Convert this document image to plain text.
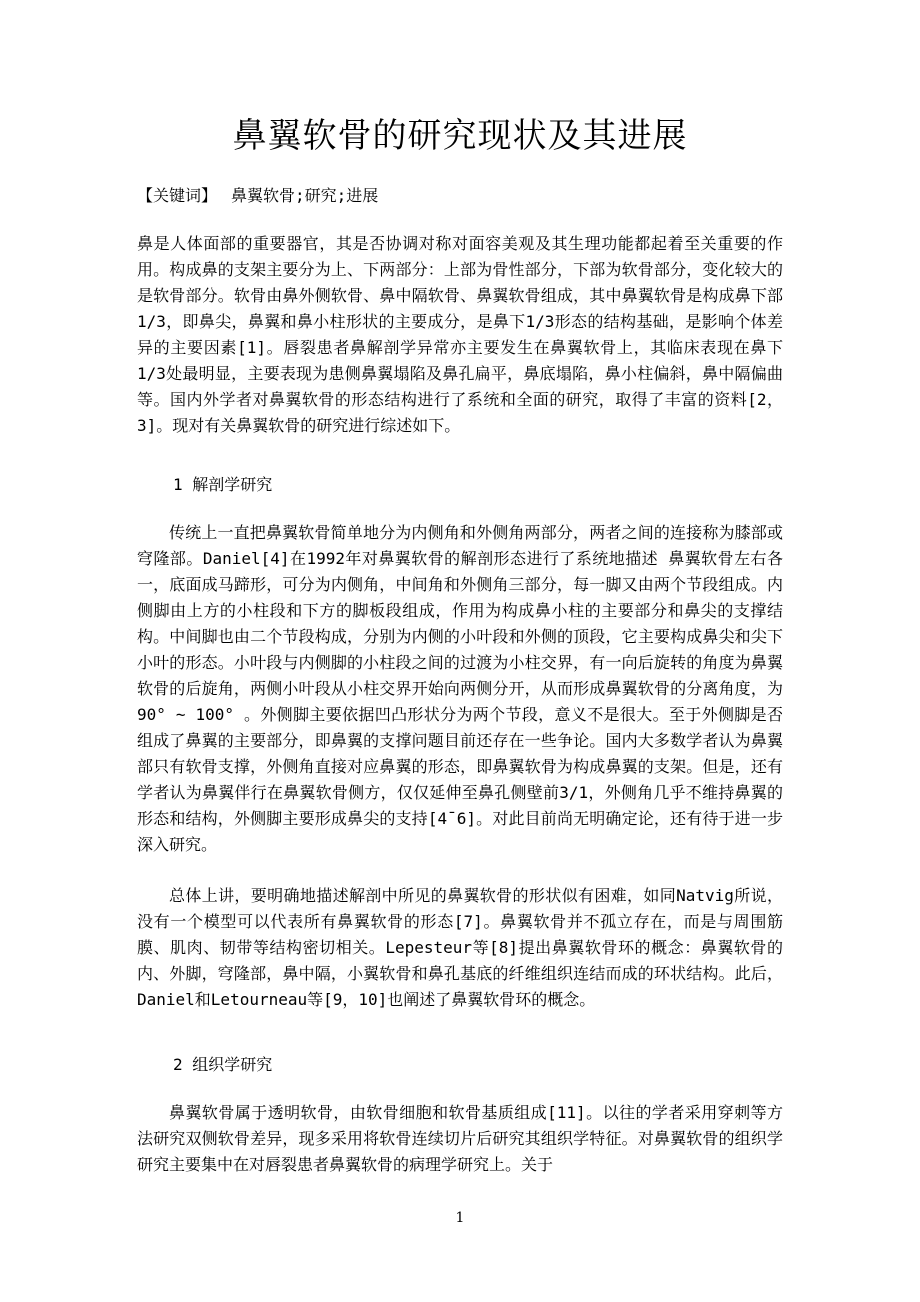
鼻翼软骨的研究现状及其进展
【关键词】 鼻翼软骨;研究;进展

鼻是人体面部的重要器官，其是否协调对称对面容美观及其生理功能都起着至关重要的作用。构成鼻的支架主要分为上、下两部分：上部为骨性部分，下部为软骨部分，变化较大的是软骨部分。软骨由鼻外侧软骨、鼻中隔软骨、鼻翼软骨组成，其中鼻翼软骨是构成鼻下部1/3，即鼻尖，鼻翼和鼻小柱形状的主要成分，是鼻下1/3形态的结构基础，是影响个体差异的主要因素[1]。唇裂患者鼻解剖学异常亦主要发生在鼻翼软骨上，其临床表现在鼻下1/3处最明显，主要表现为患侧鼻翼塌陷及鼻孔扁平，鼻底塌陷，鼻小柱偏斜，鼻中隔偏曲等。国内外学者对鼻翼软骨的形态结构进行了系统和全面的研究，取得了丰富的资料[2，3]。现对有关鼻翼软骨的研究进行综述如下。

1 解剖学研究

传统上一直把鼻翼软骨简单地分为内侧角和外侧角两部分，两者之间的连接称为膝部或穹隆部。Daniel[4]在1992年对鼻翼软骨的解剖形态进行了系统地描述 鼻翼软骨左右各一，底面成马蹄形，可分为内侧角，中间角和外侧角三部分，每一脚又由两个节段组成。内侧脚由上方的小柱段和下方的脚板段组成，作用为构成鼻小柱的主要部分和鼻尖的支撑结构。中间脚也由二个节段构成，分别为内侧的小叶段和外侧的顶段，它主要构成鼻尖和尖下小叶的形态。小叶段与内侧脚的小柱段之间的过渡为小柱交界，有一向后旋转的角度为鼻翼软骨的后旋角，两侧小叶段从小柱交界开始向两侧分开，从而形成鼻翼软骨的分离角度，为90° ~ 100° 。外侧脚主要依据凹凸形状分为两个节段，意义不是很大。至于外侧脚是否组成了鼻翼的主要部分，即鼻翼的支撑问题目前还存在一些争论。国内大多数学者认为鼻翼部只有软骨支撑，外侧角直接对应鼻翼的形态，即鼻翼软骨为构成鼻翼的支架。但是，还有学者认为鼻翼伴行在鼻翼软骨侧方，仅仅延伸至鼻孔侧壁前3/1，外侧角几乎不维持鼻翼的形态和结构，外侧脚主要形成鼻尖的支持[4¯6]。对此目前尚无明确定论，还有待于进一步深入研究。

总体上讲，要明确地描述解剖中所见的鼻翼软骨的形状似有困难，如同Natvig所说，没有一个模型可以代表所有鼻翼软骨的形态[7]。鼻翼软骨并不孤立存在，而是与周围筋膜、肌肉、韧带等结构密切相关。Lepesteur等[8]提出鼻翼软骨环的概念：鼻翼软骨的内、外脚，穹隆部，鼻中隔，小翼软骨和鼻孔基底的纤维组织连结而成的环状结构。此后，Daniel和Letourneau等[9，10]也阐述了鼻翼软骨环的概念。

2 组织学研究

鼻翼软骨属于透明软骨，由软骨细胞和软骨基质组成[11]。以往的学者采用穿刺等方法研究双侧软骨差异，现多采用将软骨连续切片后研究其组织学特征。对鼻翼软骨的组织学研究主要集中在对唇裂患者鼻翼软骨的病理学研究上。关于

1
